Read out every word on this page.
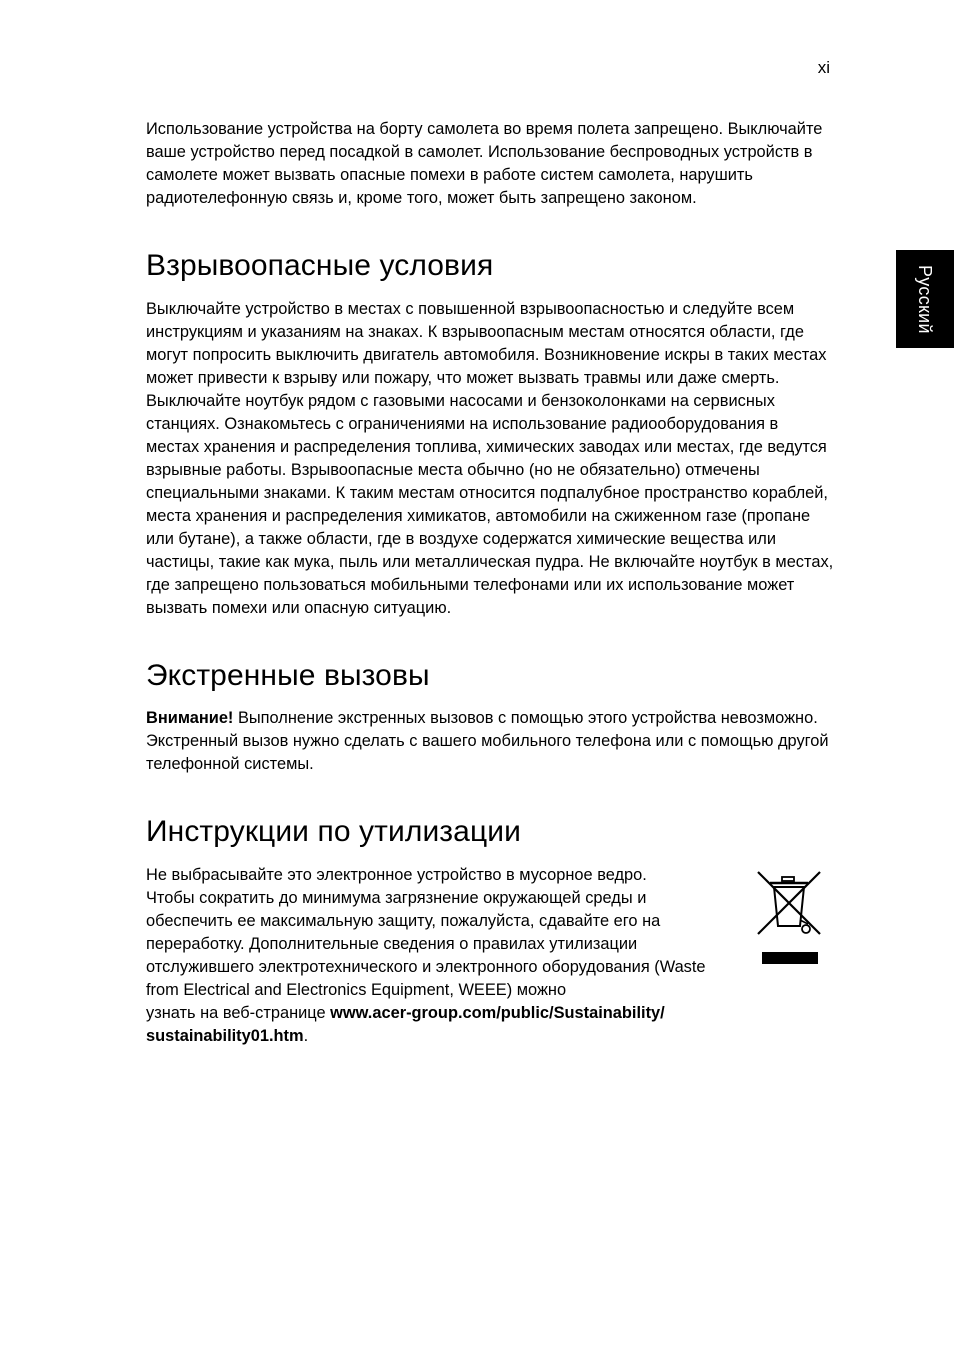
xi
Русский

Использование устройства на борту самолета во время полета запрещено. Выключайте ваше устройство перед посадкой в самолет. Использование беспроводных устройств в самолете может вызвать опасные помехи в работе систем самолета, нарушить радиотелефонную связь и, кроме того, может быть запрещено законом.

Взрывоопасные условия

Выключайте устройство в местах с повышенной взрывоопасностью и следуйте всем инструкциям и указаниям на знаках. К взрывоопасным местам относятся области, где могут попросить выключить двигатель автомобиля. Возникновение искры в таких местах может привести к взрыву или пожару, что может вызвать травмы или даже смерть. Выключайте ноутбук рядом с газовыми насосами и бензоколонками на сервисных станциях. Ознакомьтесь с ограничениями на использование радиооборудования в местах хранения и распределения топлива, химических заводах или местах, где ведутся взрывные работы. Взрывоопасные места обычно (но не обязательно) отмечены специальными знаками. К таким местам относится подпалубное пространство кораблей, места хранения и распределения химикатов, автомобили на сжиженном газе (пропане или бутане), а также области, где в воздухе содержатся химические вещества или частицы, такие как мука, пыль или металлическая пудра. Не включайте ноутбук в местах, где запрещено пользоваться мобильными телефонами или их использование может вызвать помехи или опасную ситуацию.

Экстренные вызовы

Внимание! Выполнение экстренных вызовов с помощью этого устройства невозможно. Экстренный вызов нужно сделать с вашего мобильного телефона или с помощью другой телефонной системы.

Инструкции по утилизации

Не выбрасывайте это электронное устройство в мусорное ведро.
Чтобы сократить до минимума загрязнение окружающей среды и обеспечить ее максимальную защиту, пожалуйста, сдавайте его на переработку. Дополнительные сведения о правилах утилизации отслужившего электротехнического и электронного оборудования (Waste from Electrical and Electronics Equipment, WEEE) можно
узнать на веб-странице www.acer-group.com/public/Sustainability/
sustainability01.htm.
